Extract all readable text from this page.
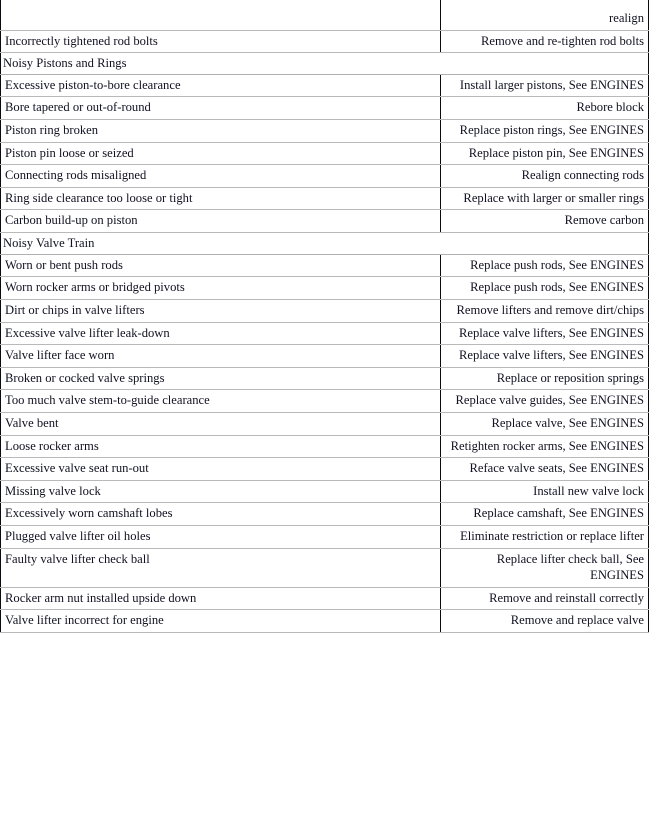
	realign
Incorrectly tightened rod bolts	Remove and re-tighten rod bolts
Noisy Pistons and Rings	
Excessive piston-to-bore clearance	Install larger pistons, See ENGINES
Bore tapered or out-of-round	Rebore block
Piston ring broken	Replace piston rings, See ENGINES
Piston pin loose or seized	Replace piston pin, See ENGINES
Connecting rods misaligned	Realign connecting rods
Ring side clearance too loose or tight	Replace with larger or smaller rings
Carbon build-up on piston	Remove carbon
Noisy Valve Train	
Worn or bent push rods	Replace push rods, See ENGINES
Worn rocker arms or bridged pivots	Replace push rods, See ENGINES
Dirt or chips in valve lifters	Remove lifters and remove dirt/chips
Excessive valve lifter leak-down	Replace valve lifters, See ENGINES
Valve lifter face worn	Replace valve lifters, See ENGINES
Broken or cocked valve springs	Replace or reposition springs
Too much valve stem-to-guide clearance	Replace valve guides, See ENGINES
Valve bent	Replace valve, See ENGINES
Loose rocker arms	Retighten rocker arms, See ENGINES
Excessive valve seat run-out	Reface valve seats, See ENGINES
Missing valve lock	Install new valve lock
Excessively worn camshaft lobes	Replace camshaft, See ENGINES
Plugged valve lifter oil holes	Eliminate restriction or replace lifter
Faulty valve lifter check ball	Replace lifter check ball, See ENGINES
Rocker arm nut installed upside down	Remove and reinstall correctly
Valve lifter incorrect for engine	Remove and replace valve
